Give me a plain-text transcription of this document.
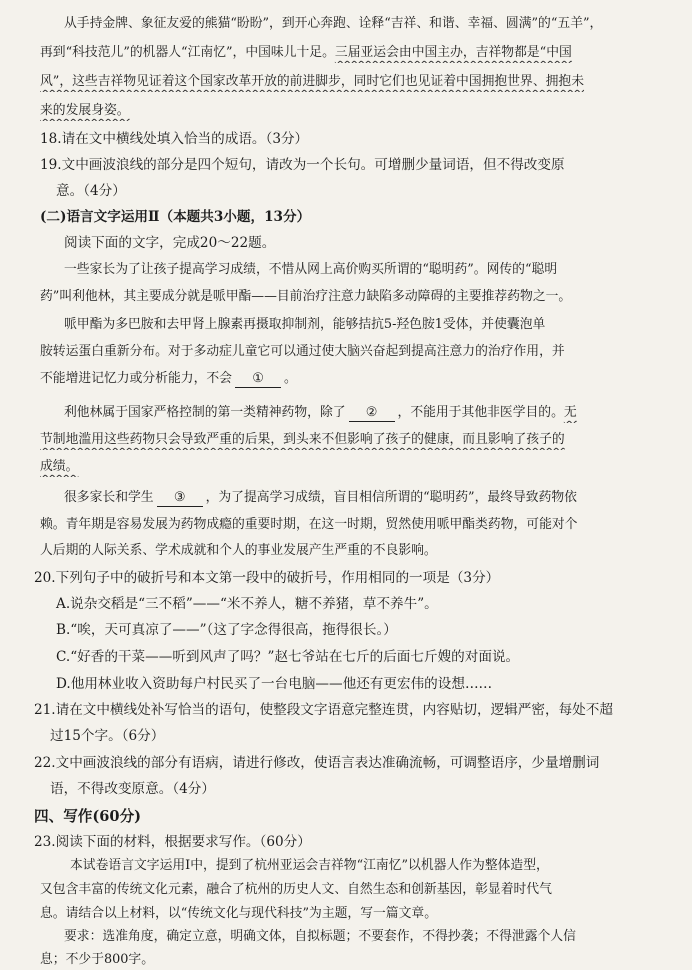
从手持金牌、象征友爱的熊猫“盼盼”，到开心奔跑、诠释“吉祥、和谐、幸福、圆满”的“五羊”，
再到“科技范儿”的机器人“江南忆”，中国味儿十足。三届亚运会由中国主办，吉祥物都是“中国
风”，这些吉祥物见证着这个国家改革开放的前进脚步，同时它们也见证着中国拥抱世界、拥抱未
来的发展身姿。
18.请在文中横线处填入恰当的成语。（3分）
19.文中画波浪线的部分是四个短句，请改为一个长句。可增删少量词语，但不得改变原
意。（4分）
(二)语言文字运用Ⅱ（本题共3小题，13分）
阅读下面的文字，完成20～22题。
一些家长为了让孩子提高学习成绩，不惜从网上高价购买所谓的“聪明药”。网传的“聪明
药”叫利他林，其主要成分就是哌甲酯——目前治疗注意力缺陷多动障碍的主要推荐药物之一。
哌甲酯为多巴胺和去甲肾上腺素再摄取抑制剂，能够拮抗5-羟色胺1受体，并使囊泡单
胺转运蛋白重新分布。对于多动症儿童它可以通过使大脑兴奋起到提高注意力的治疗作用，并
不能增进记忆力或分析能力，不会 ① 。
利他林属于国家严格控制的第一类精神药物，除了 ② ，不能用于其他非医学目的。无
节制地滥用这些药物只会导致严重的后果，到头来不但影响了孩子的健康，而且影响了孩子的
成绩。
很多家长和学生 ③ ，为了提高学习成绩，盲目相信所谓的“聪明药”，最终导致药物依
赖。青年期是容易发展为药物成瘾的重要时期，在这一时期，贸然使用哌甲酯类药物，可能对个
人后期的人际关系、学术成就和个人的事业发展产生严重的不良影响。
20.下列句子中的破折号和本文第一段中的破折号，作用相同的一项是（3分）
A.说杂交稻是“三不稻”——“米不养人，糖不养猪，草不养牛”。
B.“唉，天可真凉了——”（这了字念得很高，拖得很长。）
C.“好香的干菜——听到风声了吗？”赵七爷站在七斤的后面七斤嫂的对面说。
D.他用林业收入资助每户村民买了一台电脑——他还有更宏伟的设想……
21.请在文中横线处补写恰当的语句，使整段文字语意完整连贯，内容贴切，逻辑严密，每处不超
过15个字。（6分）
22.文中画波浪线的部分有语病，请进行修改，使语言表达准确流畅，可调整语序，少量增删词
语，不得改变原意。（4分）
四、写作(60分)
23.阅读下面的材料，根据要求写作。（60分）
本试卷语言文字运用Ⅰ中，提到了杭州亚运会吉祥物“江南忆”以机器人作为整体造型，
又包含丰富的传统文化元素，融合了杭州的历史人文、自然生态和创新基因，彰显着时代气
息。请结合以上材料，以“传统文化与现代科技”为主题，写一篇文章。
要求：选准角度，确定立意，明确文体，自拟标题；不要套作，不得抄袭；不得泄露个人信
息；不少于800字。
